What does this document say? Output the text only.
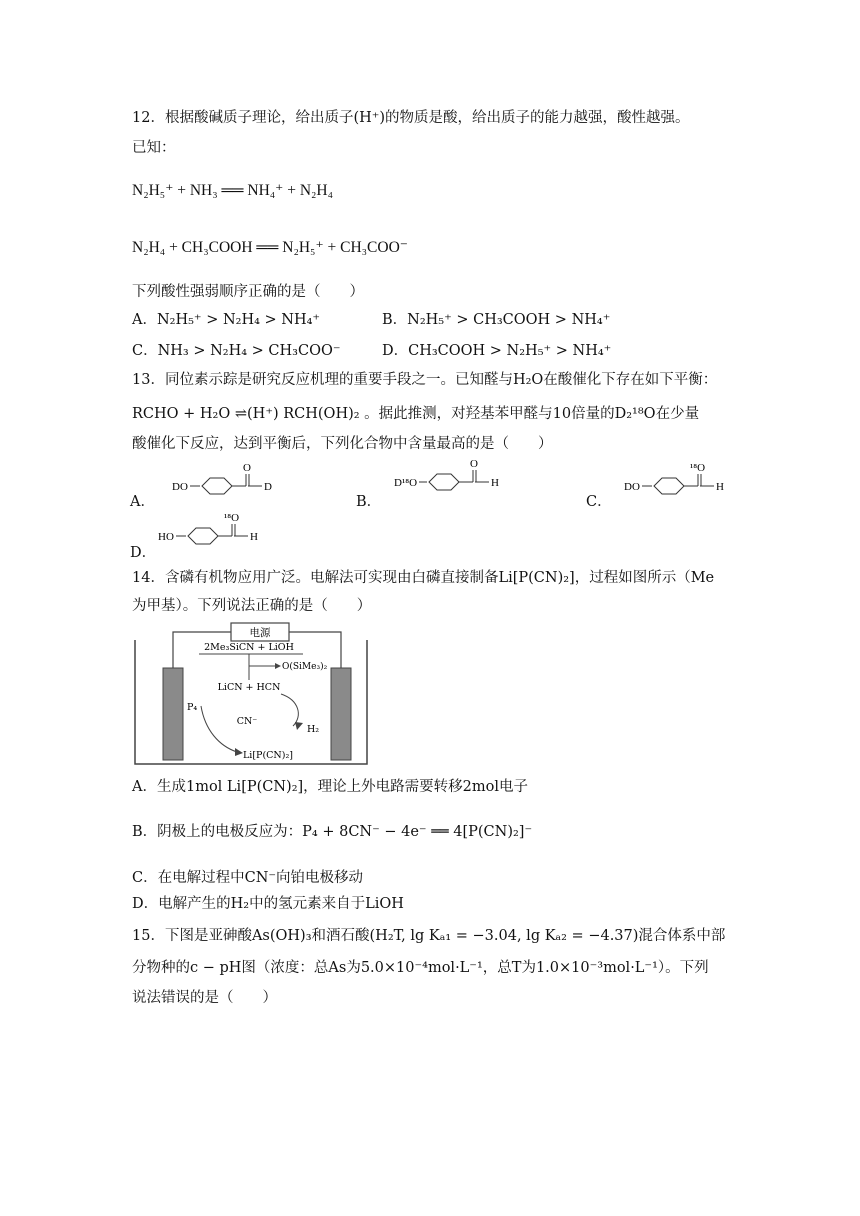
12．根据酸碱质子理论，给出质子(H⁺)的物质是酸，给出质子的能力越强，酸性越强。
已知：
N₂H₅⁺ + NH₃ ══ NH₄⁺ + N₂H₄
N₂H₄ + CH₃COOH ══ N₂H₅⁺ + CH₃COO⁻
下列酸性强弱顺序正确的是（　　）
A．N₂H₅⁺ > N₂H₄ > NH₄⁺	B．N₂H₅⁺ > CH₃COOH > NH₄⁺
C．NH₃ > N₂H₄ > CH₃COO⁻	D．CH₃COOH > N₂H₅⁺ > NH₄⁺
13．同位素示踪是研究反应机理的重要手段之一。已知醛与H₂O在酸催化下存在如下平衡：
RCHO + H₂O ⇌(H⁺) RCH(OH)₂ 。据此推测，对羟基苯甲醛与10倍量的D₂¹⁸O在少量
酸催化下反应，达到平衡后，下列化合物中含量最高的是（　　）
A．
DO
O
D
B．
D¹⁸O
O
H
C．
DO
¹⁸O
H
D．
HO
¹⁸O
H
14．含磷有机物应用广泛。电解法可实现由白磷直接制备Li[P(CN)₂]，过程如图所示（Me
为甲基）。下列说法正确的是（　　）
电源
2Me₃SiCN + LiOH
O(SiMe₃)₂
LiCN + HCN
P₄
H₂
CN⁻
Li[P(CN)₂]
A．生成1mol Li[P(CN)₂]，理论上外电路需要转移2mol电子
B．阴极上的电极反应为：P₄ + 8CN⁻ − 4e⁻ ══ 4[P(CN)₂]⁻
C．在电解过程中CN⁻向铂电极移动
D．电解产生的H₂中的氢元素来自于LiOH
15．下图是亚砷酸As(OH)₃和酒石酸(H₂T, lg Kₐ₁ = −3.04, lg Kₐ₂ = −4.37)混合体系中部
分物种的c − pH图（浓度：总As为5.0×10⁻⁴mol·L⁻¹，总T为1.0×10⁻³mol·L⁻¹）。下列
说法错误的是（　　）
